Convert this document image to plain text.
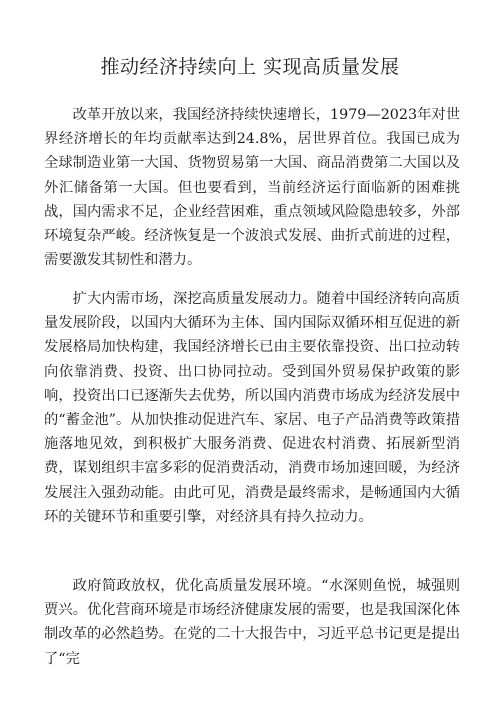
推动经济持续向上 实现高质量发展

改革开放以来，我国经济持续快速增长，1979—2023年对世界经济增长的年均贡献率达到24.8%，居世界首位。我国已成为全球制造业第一大国、货物贸易第一大国、商品消费第二大国以及外汇储备第一大国。但也要看到，当前经济运行面临新的困难挑战，国内需求不足，企业经营困难，重点领域风险隐患较多，外部环境复杂严峻。经济恢复是一个波浪式发展、曲折式前进的过程，需要激发其韧性和潜力。

扩大内需市场，深挖高质量发展动力。随着中国经济转向高质量发展阶段，以国内大循环为主体、国内国际双循环相互促进的新发展格局加快构建，我国经济增长已由主要依靠投资、出口拉动转向依靠消费、投资、出口协同拉动。受到国外贸易保护政策的影响，投资出口已逐渐失去优势，所以国内消费市场成为经济发展中的“蓄金池”。从加快推动促进汽车、家居、电子产品消费等政策措施落地见效，到积极扩大服务消费、促进农村消费、拓展新型消费，谋划组织丰富多彩的促消费活动，消费市场加速回暖，为经济发展注入强劲动能。由此可见，消费是最终需求，是畅通国内大循环的关键环节和重要引擎，对经济具有持久拉动力。

政府简政放权，优化高质量发展环境。“水深则鱼悦，城强则贾兴。优化营商环境是市场经济健康发展的需要，也是我国深化体制改革的必然趋势。在党的二十大报告中，习近平总书记更是提出了“完
